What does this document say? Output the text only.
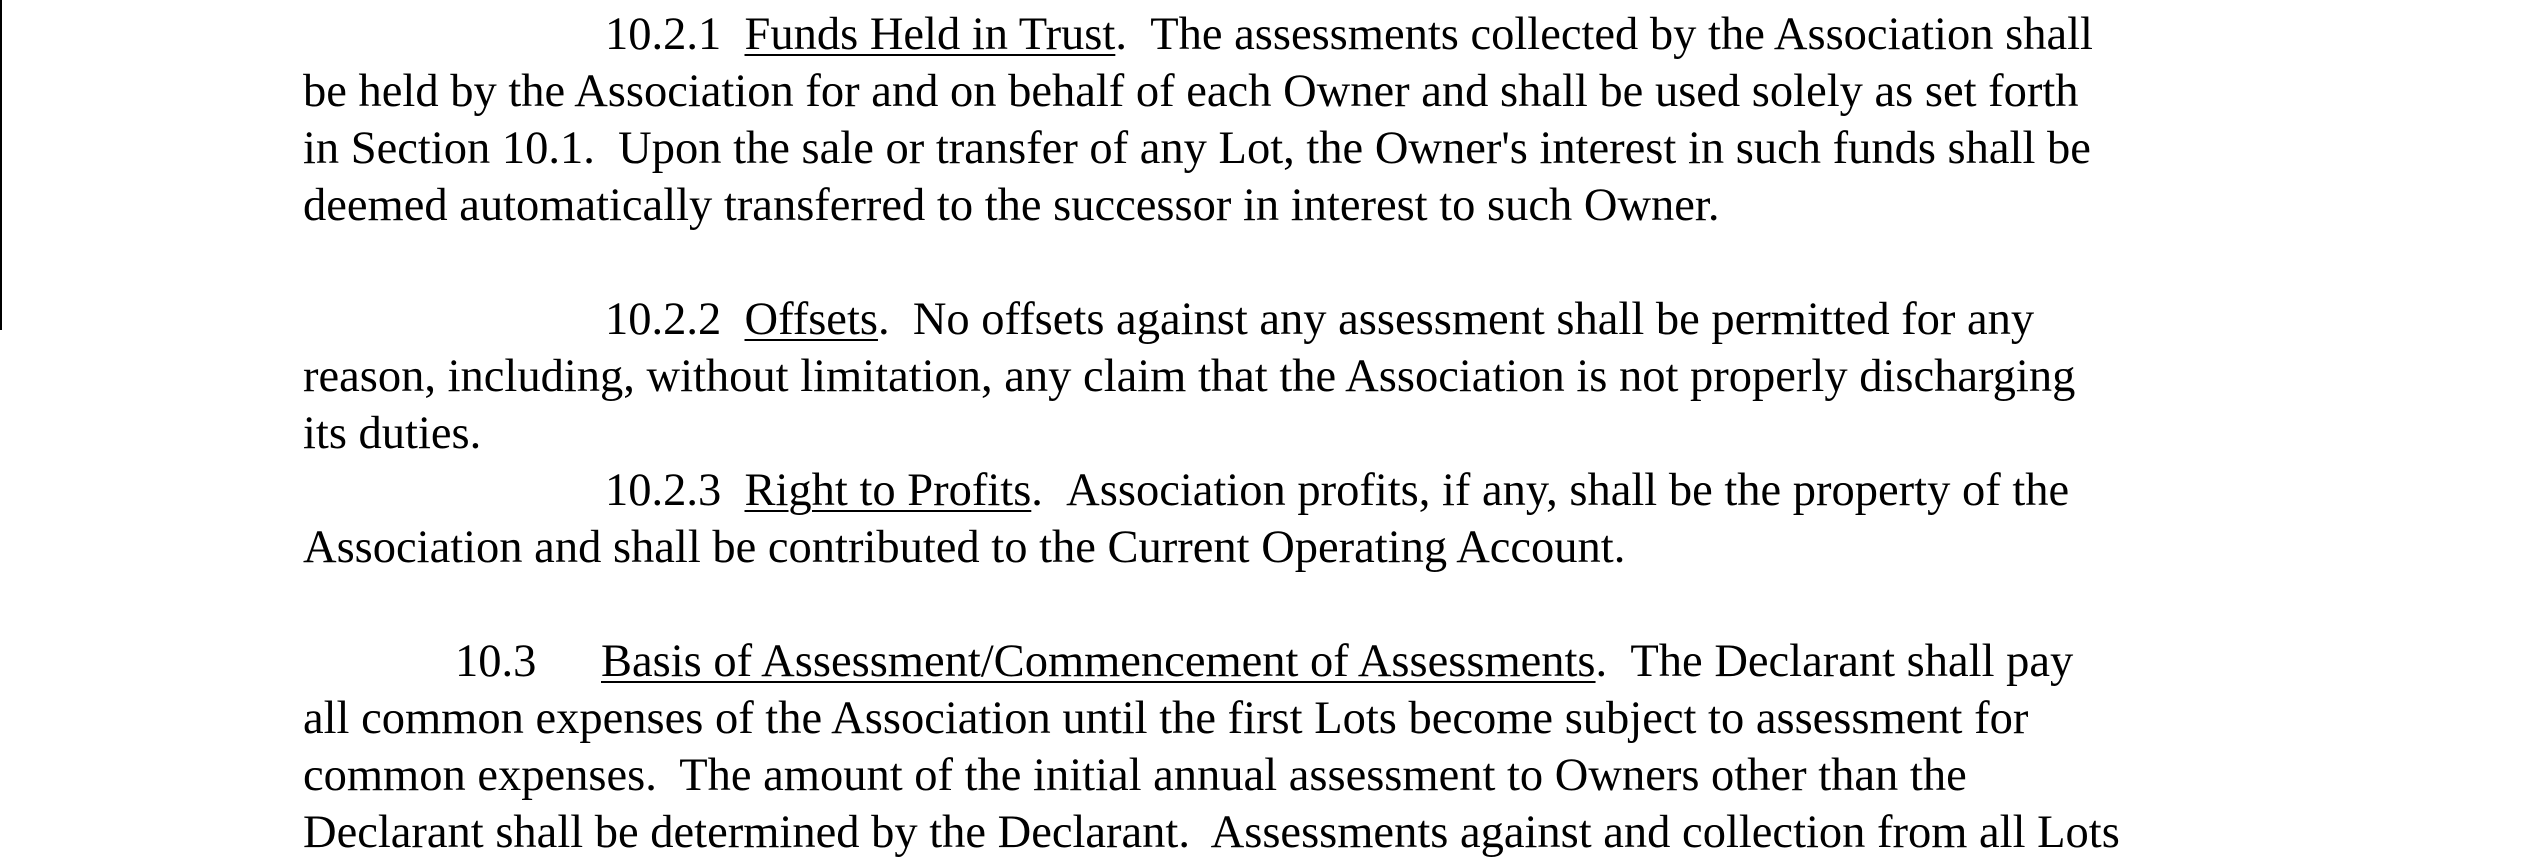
10.2.1 Funds Held in Trust.  The assessments collected by the Association shall
be held by the Association for and on behalf of each Owner and shall be used solely as set forth
in Section 10.1.  Upon the sale or transfer of any Lot, the Owner's interest in such funds shall be
deemed automatically transferred to the successor in interest to such Owner.
10.2.2 Offsets.  No offsets against any assessment shall be permitted for any
reason, including, without limitation, any claim that the Association is not properly discharging
its duties.
10.2.3 Right to Profits.  Association profits, if any, shall be the property of the
Association and shall be contributed to the Current Operating Account.
10.3 Basis of Assessment/Commencement of Assessments.  The Declarant shall pay
all common expenses of the Association until the first Lots become subject to assessment for
common expenses.  The amount of the initial annual assessment to Owners other than the
Declarant shall be determined by the Declarant.  Assessments against and collection from all Lots
